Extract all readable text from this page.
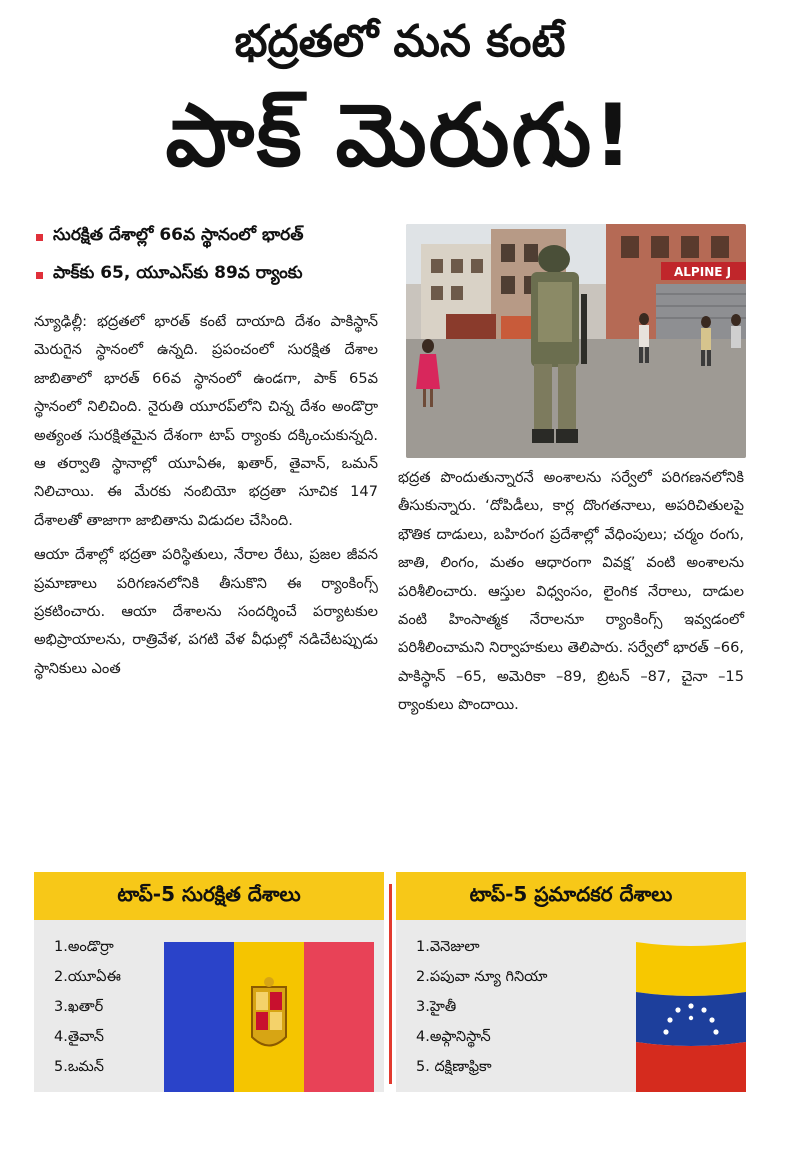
భద్రతలో మన కంటే
పాక్ మెరుగు!
సురక్షిత దేశాల్లో 66వ స్థానంలో భారత్
పాక్‌కు 65, యూఎస్‌కు 89వ ర్యాంకు	ALPINE J

న్యూఢిల్లీ: భద్రతలో భారత్ కంటే దాయాది దేశం పాకిస్థాన్ మెరుగైన స్థానంలో ఉన్నది. ప్రపంచంలో సురక్షిత దేశాల జాబితాలో భారత్ 66వ స్థానంలో ఉండగా, పాక్ 65వ స్థానంలో నిలిచింది. నైరుతి యూరప్‌లోని చిన్న దేశం అండొర్రా అత్యంత సురక్షితమైన దేశంగా టాప్ ర్యాంకు దక్కించుకున్నది. ఆ తర్వాతి స్థానాల్లో యూఏఈ, ఖతార్, తైవాన్, ఒమన్ నిలిచాయి. ఈ మేరకు నంబియో భద్రతా సూచిక 147 దేశాలతో తాజాగా జాబితాను విడుదల చేసింది.

ఆయా దేశాల్లో భద్రతా పరిస్థితులు, నేరాల రేటు, ప్రజల జీవన ప్రమాణాలు పరిగణనలోనికి తీసుకొని ఈ ర్యాంకింగ్స్ ప్రకటించారు. ఆయా దేశాలను సందర్శించే పర్యాటకుల అభిప్రాయాలను, రాత్రివేళ, పగటి వేళ వీధుల్లో నడిచేటప్పుడు స్థానికులు ఎంత

భద్రత పొందుతున్నారనే అంశాలను సర్వేలో పరిగణనలోనికి తీసుకున్నారు. ‘దోపిడీలు, కార్ల దొంగతనాలు, అపరిచితులపై భౌతిక దాడులు, బహిరంగ ప్రదేశాల్లో వేధింపులు; చర్మం రంగు, జాతి, లింగం, మతం ఆధారంగా వివక్ష’ వంటి అంశాలను పరిశీలించారు. ఆస్తుల విధ్వంసం, లైంగిక నేరాలు, దాడుల వంటి హింసాత్మక నేరాలనూ ర్యాంకింగ్స్ ఇవ్వడంలో పరిశీలించామని నిర్వాహకులు తెలిపారు. సర్వేలో భారత్ –66, పాకిస్థాన్ –65, అమెరికా –89, బ్రిటన్ –87, చైనా –15 ర్యాంకులు పొందాయి.

టాప్-5 సురక్షిత దేశాలు	టాప్-5 ప్రమాదకర దేశాలు
1.అండొర్రా
2.యూఏఈ
3.ఖతార్
4.తైవాన్
5.ఒమన్
1.వెనెజులా
2.పపువా న్యూ గినియా
3.హైతీ
4.అఫ్గానిస్థాన్
5. దక్షిణాఫ్రికా
